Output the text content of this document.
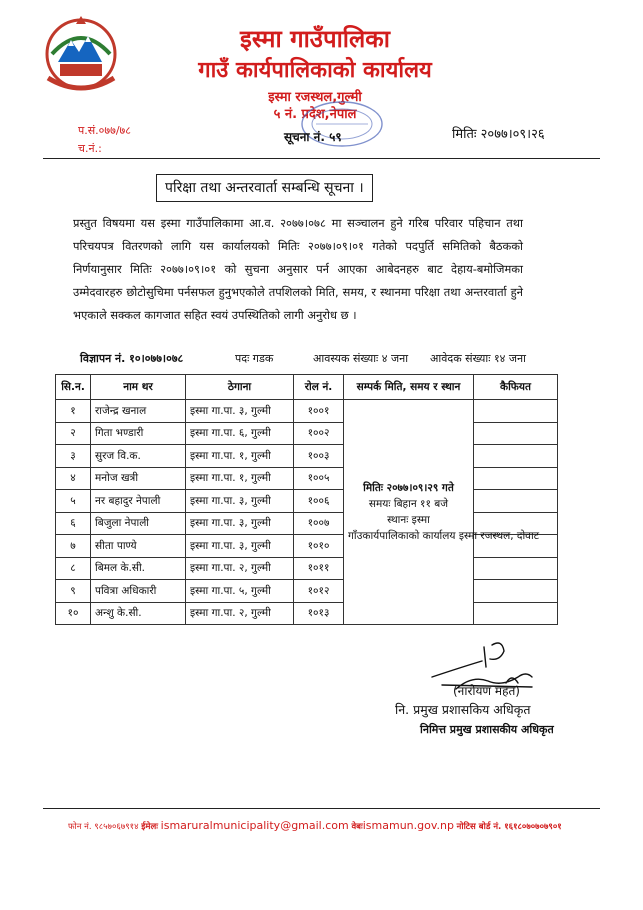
इस्मा गाउँपालिका
गाउँ कार्यपालिकाको कार्यालय
इस्मा रजस्थल,गुल्मी
५ नं. प्रदेश,नेपाल
प.सं.०७७/७८
च.नं.:
सूचना नं. ५९	मितिः २०७७।०९।२६
परिक्षा तथा अन्तरवार्ता सम्बन्धि सूचना ।
प्रस्तुत विषयमा यस इस्मा गाउँपालिकामा आ.व. २०७७।०७८ मा सञ्चालन हुने गरिब परिवार पहिचान तथा परिचयपत्र वितरणको लागि यस कार्यालयको मितिः २०७७।०९।०१ गतेको पदपुर्ति समितिको बैठकको निर्णयानुसार मितिः २०७७।०९।०१ को सुचना अनुसार पर्न आएका आबेदनहरु बाट देहाय-बमोजिमका उम्मेदवारहरु छोटोसुचिमा पर्नसफल हुनुभएकोले तपशिलको मिति, समय, र स्थानमा परिक्षा तथा अन्तरवार्ता हुने भएकाले सक्कल कागजात सहित स्वयं उपस्थितिको लागी अनुरोध छ ।
विज्ञापन नं. १०।०७७।०७८	पदः गडक	आवस्यक संख्याः ४ जना आवेदक संख्याः १४ जना
सि.न.	नाम थर	ठेगाना	रोल नं.	सम्पर्क मिति, समय र स्थान	कैफियत
१	राजेन्द्र खनाल	इस्मा गा.पा. ३, गुल्मी	१००१	मितिः २०७७।०९।२९ गते
समयः बिहान ११ बजे
स्थानः इस्मा
गाँउकार्यपालिकाको कार्यालय इस्मा रजस्थल, दोवाट	
२	गिता भण्डारी	इस्मा गा.पा. ६, गुल्मी	१००२		
३	सुरज वि.क.	इस्मा गा.पा. १, गुल्मी	१००३		
४	मनोज खत्री	इस्मा गा.पा. १, गुल्मी	१००५		
५	नर बहादुर नेपाली	इस्मा गा.पा. ३, गुल्मी	१००६		
६	बिजुला नेपाली	इस्मा गा.पा. ३, गुल्मी	१००७		
७	सीता पाण्ये	इस्मा गा.पा. ३, गुल्मी	१०१०		
८	बिमल के.सी.	इस्मा गा.पा. २, गुल्मी	१०११		
९	पवित्रा अधिकारी	इस्मा गा.पा. ५, गुल्मी	१०१२		
१०	अन्शु के.सी.	इस्मा गा.पा. २, गुल्मी	१०१३		
(नारोयण महत)
नि. प्रमुख प्रशासकिय अधिकृत
निमित्त प्रमुख प्रशासकीय अधिकृत
फोन नं. ९८५७०६७९१४ ईमेलः ismaruralmunicipality@gmail.com वेबःismamun.gov.np नोटिस बोर्ड नं. १६१८०७०७०७९०१
